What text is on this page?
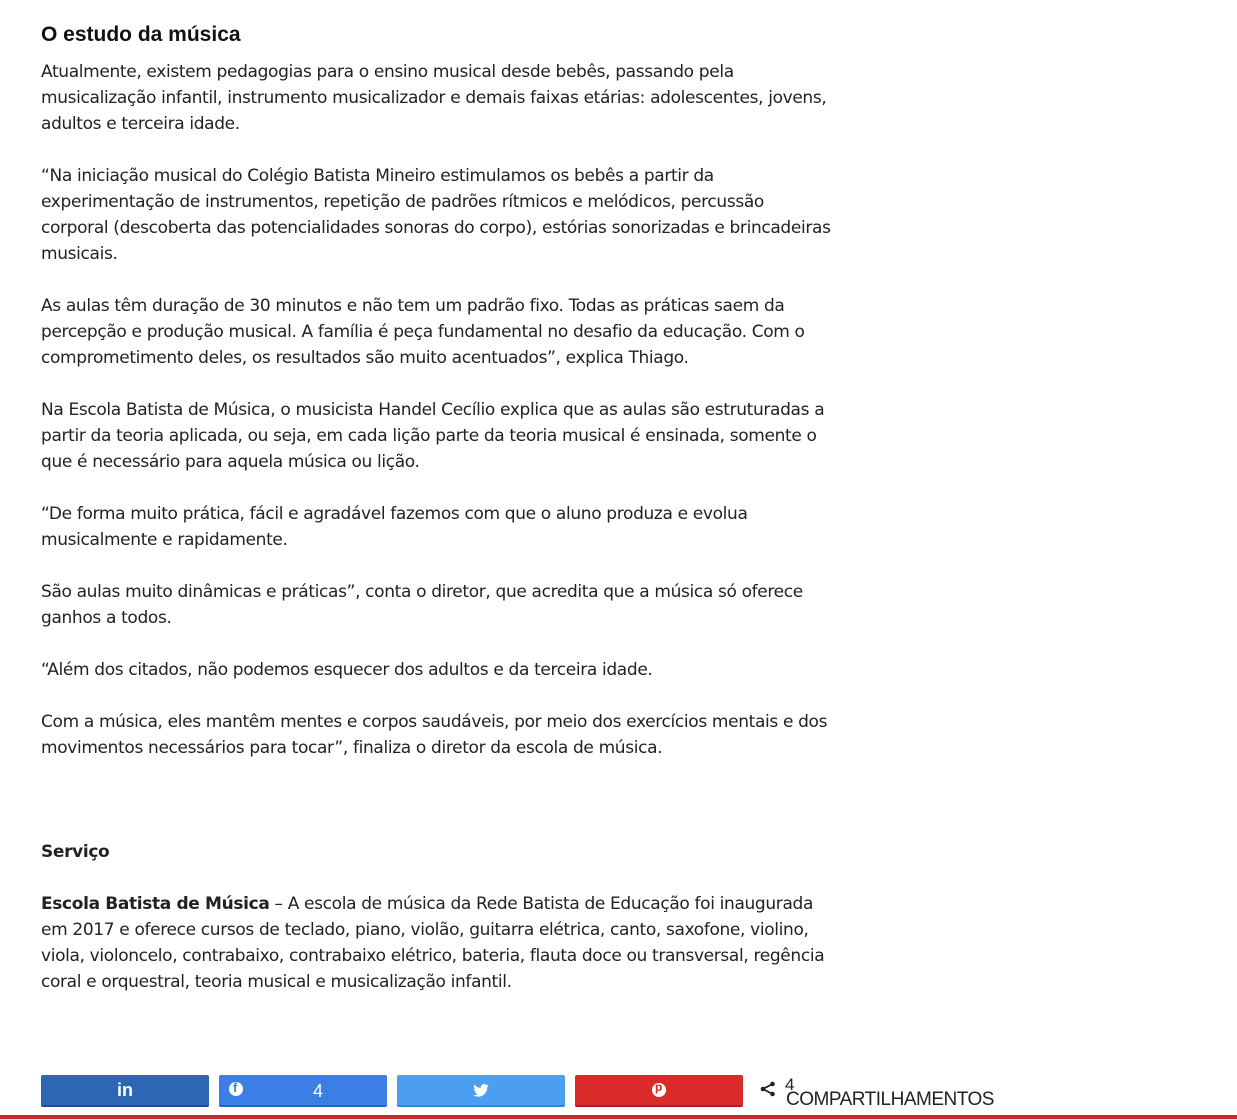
O estudo da música

Atualmente, existem pedagogias para o ensino musical desde bebês, passando pela musicalização infantil, instrumento musicalizador e demais faixas etárias: adolescentes, jovens, adultos e terceira idade.

“Na iniciação musical do Colégio Batista Mineiro estimulamos os bebês a partir da experimentação de instrumentos, repetição de padrões rítmicos e melódicos, percussão corporal (descoberta das potencialidades sonoras do corpo), estórias sonorizadas e brincadeiras musicais.

As aulas têm duração de 30 minutos e não tem um padrão fixo. Todas as práticas saem da percepção e produção musical. A família é peça fundamental no desafio da educação. Com o comprometimento deles, os resultados são muito acentuados”, explica Thiago.

Na Escola Batista de Música, o musicista Handel Cecílio explica que as aulas são estruturadas a partir da teoria aplicada, ou seja, em cada lição parte da teoria musical é ensinada, somente o que é necessário para aquela música ou lição.

“De forma muito prática, fácil e agradável fazemos com que o aluno produza e evolua musicalmente e rapidamente.

São aulas muito dinâmicas e práticas”, conta o diretor, que acredita que a música só oferece ganhos a todos.

“Além dos citados, não podemos esquecer dos adultos e da terceira idade.

Com a música, eles mantêm mentes e corpos saudáveis, por meio dos exercícios mentais e dos movimentos necessários para tocar”, finaliza o diretor da escola de música.

Serviço

Escola Batista de Música – A escola de música da Rede Batista de Educação foi inaugurada em 2017 e oferece cursos de teclado, piano, violão, guitarra elétrica, canto, saxofone, violino, viola, violoncelo, contrabaixo, contrabaixo elétrico, bateria, flauta doce ou transversal, regência coral e orquestral, teoria musical e musicalização infantil.

in f	4 p	4
COMPARTILHAMENTOS
